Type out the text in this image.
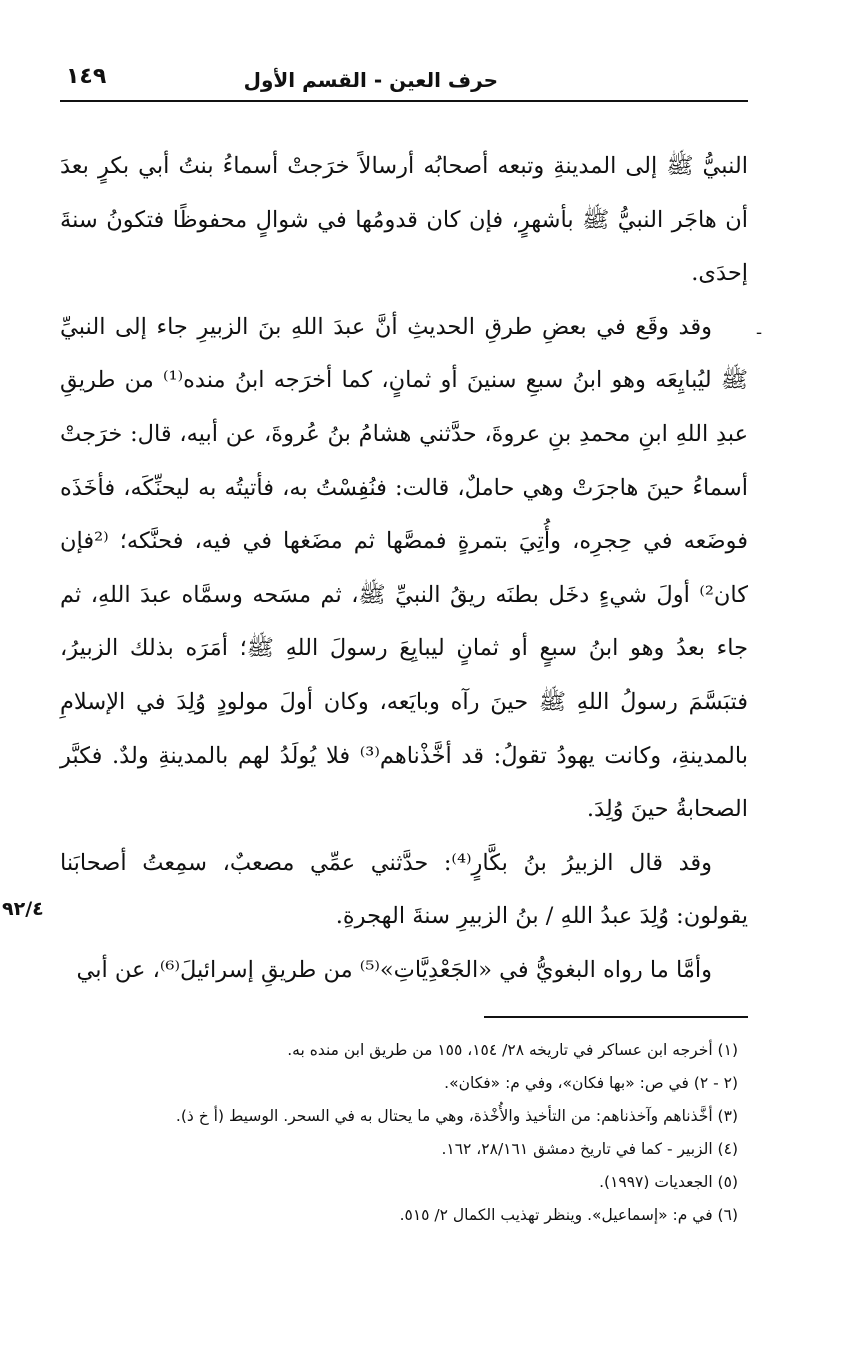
١٤٩	حرف العين - القسم الأول
-

النبيُّ ﷺ إلى المدينةِ وتبعه أصحابُه أرسالاً خرَجتْ أسماءُ بنتُ أبي بكرٍ بعدَ أن هاجَر النبيُّ ﷺ بأشهرٍ، فإن كان قدومُها في شوالٍ محفوظًا فتكونُ سنةَ إحدَى.

وقد وقَع في بعضِ طرقِ الحديثِ أنَّ عبدَ اللهِ بنَ الزبيرِ جاء إلى النبيِّ ﷺ ليُبايِعَه وهو ابنُ سبعِ سنينَ أو ثمانٍ، كما أخرَجه ابنُ منده⁽¹⁾ من طريقِ عبدِ اللهِ ابنِ محمدِ بنِ عروةَ، حدَّثني هشامُ بنُ عُروةَ، عن أبيه، قال: خرَجتْ أسماءُ حينَ هاجرَتْ وهي حاملٌ، قالت: فنُفِسْتُ به، فأتيتُه به ليحنِّكَه، فأخَذَه فوضَعه في حِجرِه، وأُتِيَ بتمرةٍ فمصَّها ثم مضَغها في فيه، فحنَّكه؛ ⁽²فإن كان²⁾ أولَ شيءٍ دخَل بطنَه ريقُ النبيِّ ﷺ، ثم مسَحه وسمَّاه عبدَ اللهِ، ثم جاء بعدُ وهو ابنُ سبعٍ أو ثمانٍ ليبايِعَ رسولَ اللهِ ﷺ؛ أمَرَه بذلك الزبيرُ، فتبَسَّمَ رسولُ اللهِ ﷺ حينَ رآه وبايَعه، وكان أولَ مولودٍ وُلِدَ في الإسلامِ بالمدينةِ، وكانت يهودُ تقولُ: قد أخَّذْناهم⁽³⁾ فلا يُولَدُ لهم بالمدينةِ ولدٌ. فكبَّر الصحابةُ حينَ وُلِدَ.

وقد قال الزبيرُ بنُ بكَّارٍ⁽⁴⁾: حدَّثني عمِّي مصعبٌ، سمِعتُ أصحابَنا يقولون: وُلِدَ عبدُ اللهِ / بنُ الزبيرِ سنةَ الهجرةِ.

وأمَّا ما رواه البغويُّ في «الجَعْدِيَّاتِ»⁽⁵⁾ من طريقِ إسرائيلَ⁽⁶⁾، عن أبي

٩٢/٤
(١) أخرجه ابن عساكر في تاريخه ٢٨/ ١٥٤، ١٥٥ من طريق ابن منده به.
(٢ - ٢) في ص: «بها فكان»، وفي م: «فكان».
(٣) أخَّذناهم وآخذناهم: من التأخيذ والأُخْذة، وهي ما يحتال به في السحر. الوسيط (أ خ ذ).
(٤) الزبير - كما في تاريخ دمشق ٢٨/١٦١، ١٦٢.
(٥) الجعديات (١٩٩٧).
(٦) في م: «إسماعيل». وينظر تهذيب الكمال ٢/ ٥١٥.
